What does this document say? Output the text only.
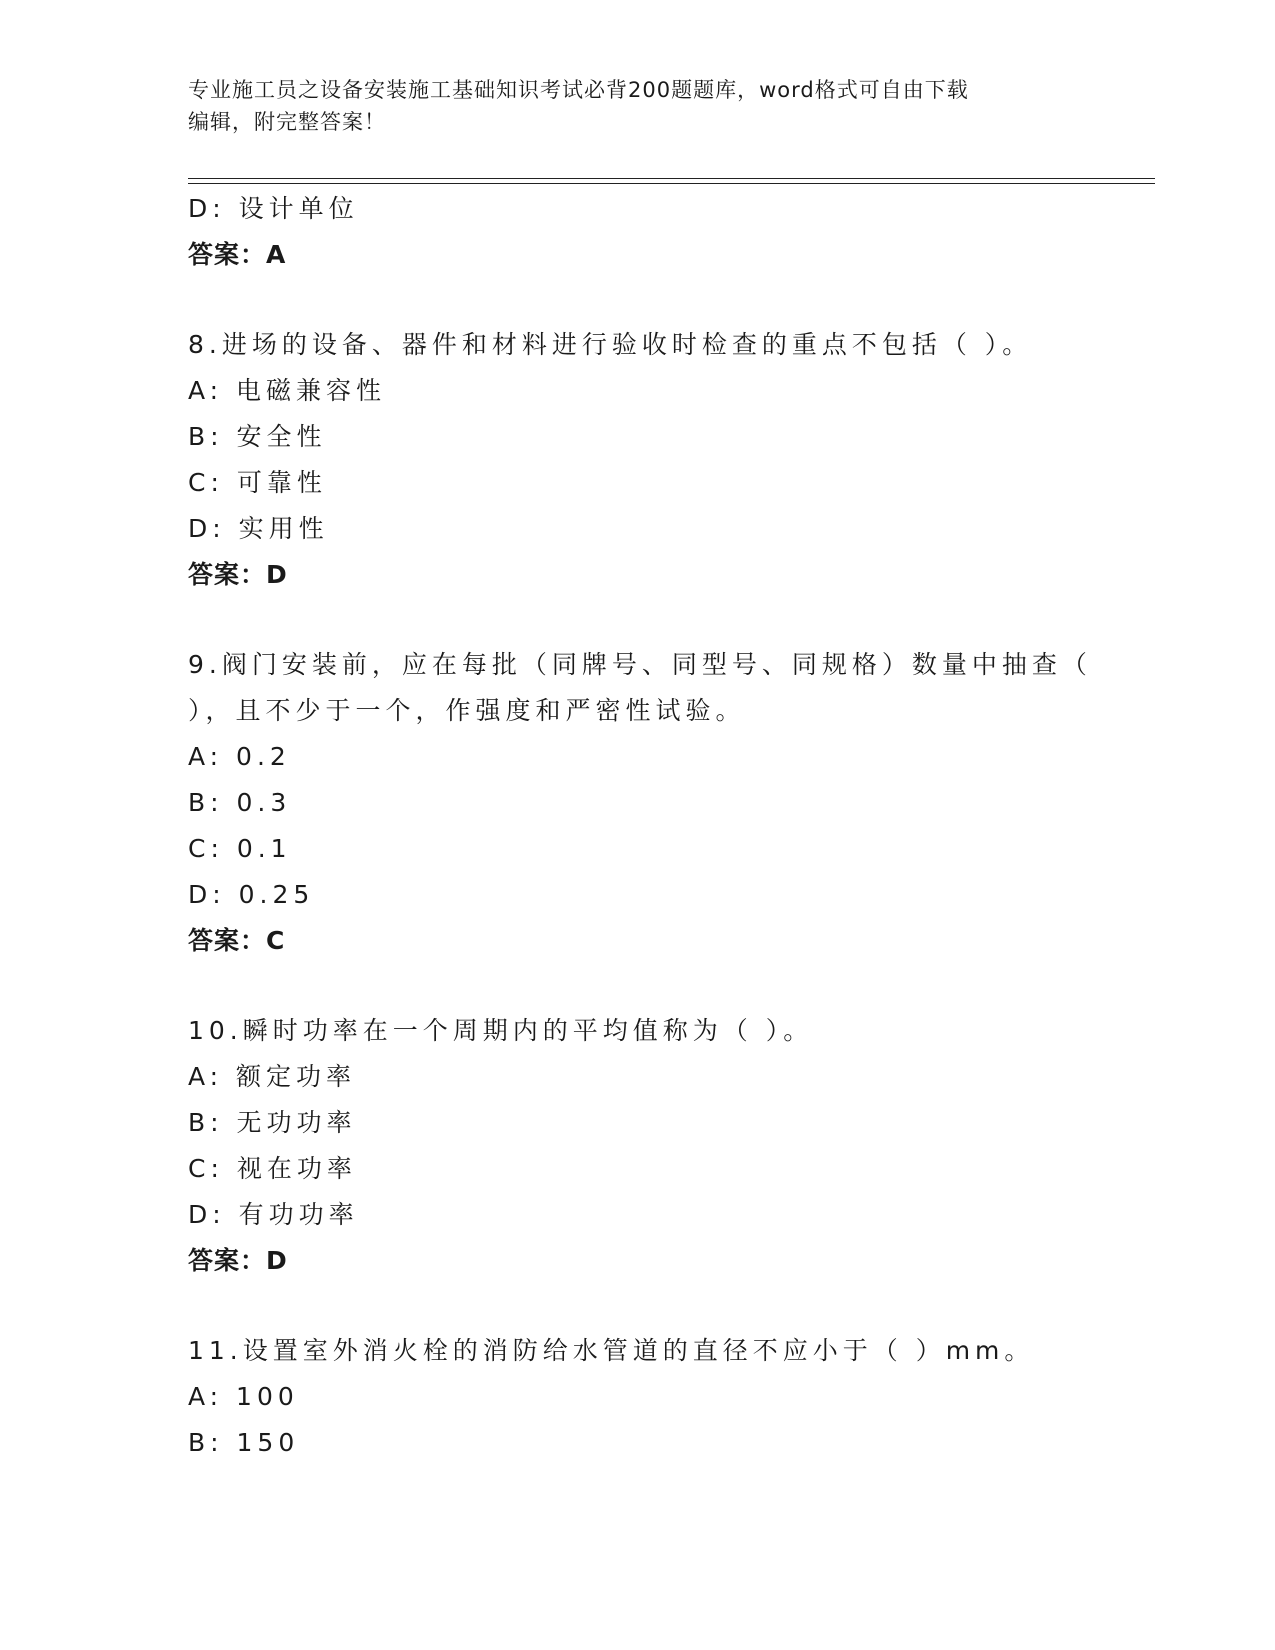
专业施工员之设备安装施工基础知识考试必背200题题库，word格式可自由下载
编辑，附完整答案！
D: 设计单位
答案：A
8.进场的设备、器件和材料进行验收时检查的重点不包括（ ）。
A: 电磁兼容性
B: 安全性
C: 可靠性
D: 实用性
答案：D
9.阀门安装前，应在每批（同牌号、同型号、同规格）数量中抽查（
），且不少于一个，作强度和严密性试验。
A: 0.2
B: 0.3
C: 0.1
D: 0.25
答案：C
10.瞬时功率在一个周期内的平均值称为（ ）。
A: 额定功率
B: 无功功率
C: 视在功率
D: 有功功率
答案：D
11.设置室外消火栓的消防给水管道的直径不应小于（ ）mm。
A: 100
B: 150
